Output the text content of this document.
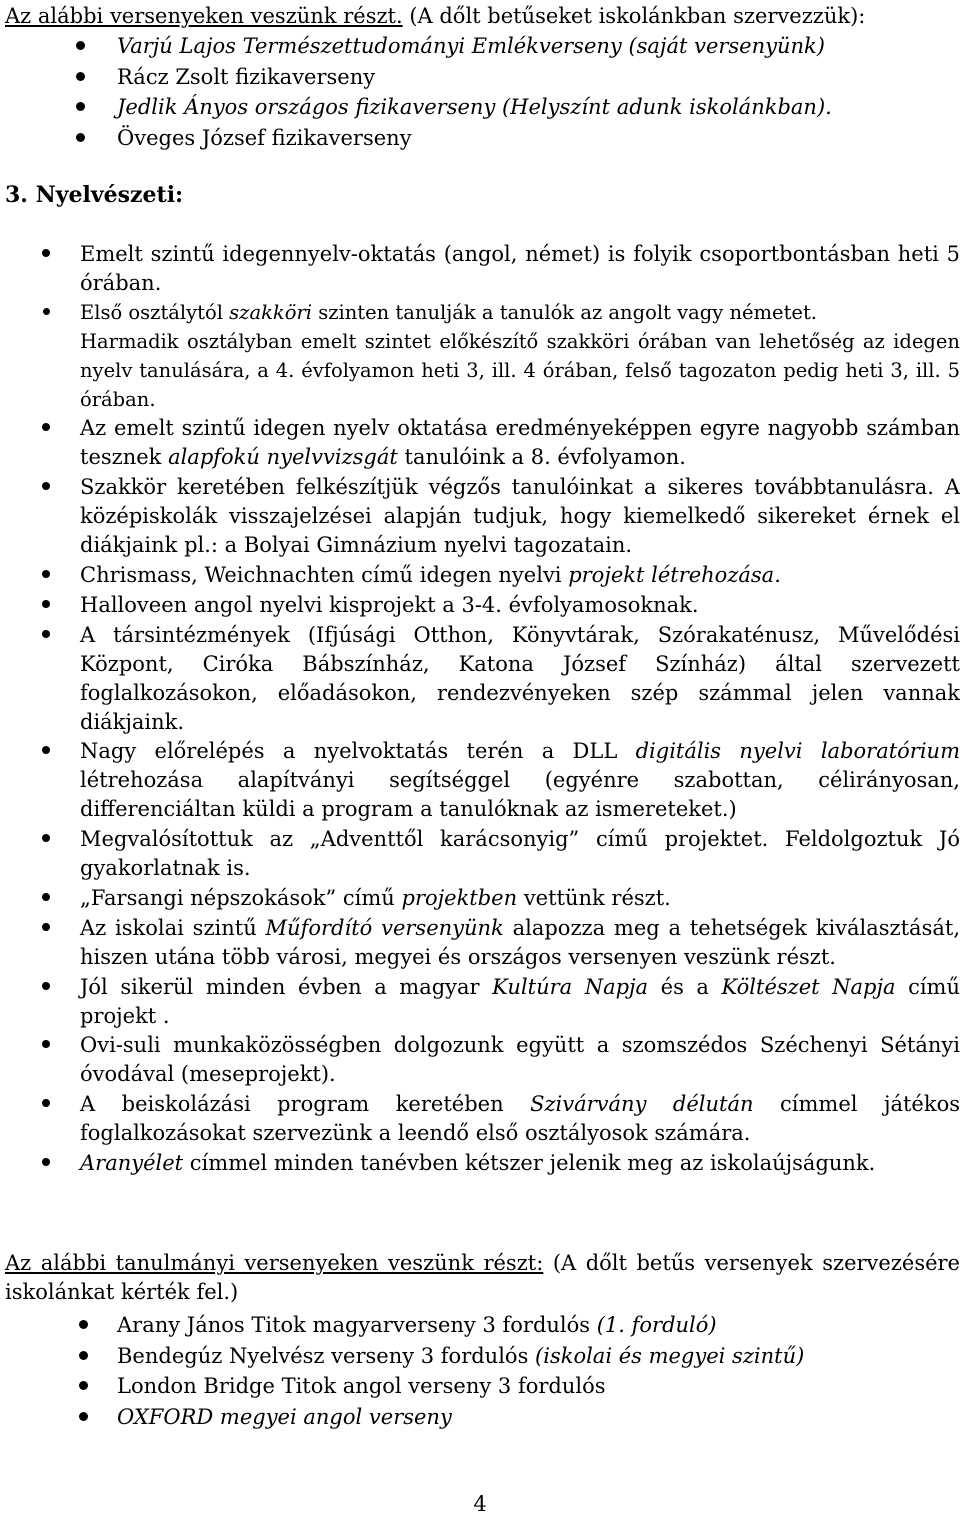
Az alábbi versenyeken veszünk részt. (A dőlt betűseket iskolánkban szervezzük):
Varjú Lajos Természettudományi Emlékverseny (saját versenyünk)
Rácz Zsolt fizikaverseny
Jedlik Ányos országos fizikaverseny (Helyszínt adunk iskolánkban).
Öveges József fizikaverseny
3. Nyelvészeti:
Emelt szintű idegennyelv-oktatás (angol, német) is folyik csoportbontásban heti 5 órában.
Első osztálytól szakköri szinten tanulják a tanulók az angolt vagy németet.
Harmadik osztályban emelt szintet előkészítő szakköri órában van lehetőség az idegen nyelv tanulására, a 4. évfolyamon heti 3, ill. 4 órában, felső tagozaton pedig heti 3, ill. 5 órában.
Az emelt szintű idegen nyelv oktatása eredményeképpen egyre nagyobb számban tesznek alapfokú nyelvvizsgát tanulóink a 8. évfolyamon.
Szakkör keretében felkészítjük végzős tanulóinkat a sikeres továbbtanulásra. A középiskolák visszajelzései alapján tudjuk, hogy kiemelkedő sikereket érnek el diákjaink pl.: a Bolyai Gimnázium nyelvi tagozatain.
Chrismass, Weichnachten című idegen nyelvi projekt létrehozása.
Halloveen angol nyelvi kisprojekt a 3-4. évfolyamosoknak.
A társintézmények (Ifjúsági Otthon, Könyvtárak, Szórakaténusz, Művelődési Központ, Ciróka Bábszínház, Katona József Színház) által szervezett foglalkozásokon, előadásokon, rendezvényeken szép számmal jelen vannak diákjaink.
Nagy előrelépés a nyelvoktatás terén a DLL digitális nyelvi laboratórium létrehozása alapítványi segítséggel (egyénre szabottan, célirányosan, differenciáltan küldi a program a tanulóknak az ismereteket.)
Megvalósítottuk az „Adventtől karácsonyig” című projektet. Feldolgoztuk Jó gyakorlatnak is.
„Farsangi népszokások” című projektben vettünk részt.
Az iskolai szintű Műfordító versenyünk alapozza meg a tehetségek kiválasztását, hiszen utána több városi, megyei és országos versenyen veszünk részt.
Jól sikerül minden évben a magyar Kultúra Napja és a Költészet Napja című projekt .
Ovi-suli munkaközösségben dolgozunk együtt a szomszédos Széchenyi Sétányi óvodával (meseprojekt).
A beiskolázási program keretében Szivárvány délután címmel játékos foglalkozásokat szervezünk a leendő első osztályosok számára.
Aranyélet címmel minden tanévben kétszer jelenik meg az iskolaújságunk.
Az alábbi tanulmányi versenyeken veszünk részt: (A dőlt betűs versenyek szervezésére iskolánkat kérték fel.)
Arany János Titok magyarverseny 3 fordulós (1. forduló)
Bendegúz Nyelvész verseny 3 fordulós (iskolai és megyei szintű)
London Bridge Titok angol verseny 3 fordulós
OXFORD megyei angol verseny
4
